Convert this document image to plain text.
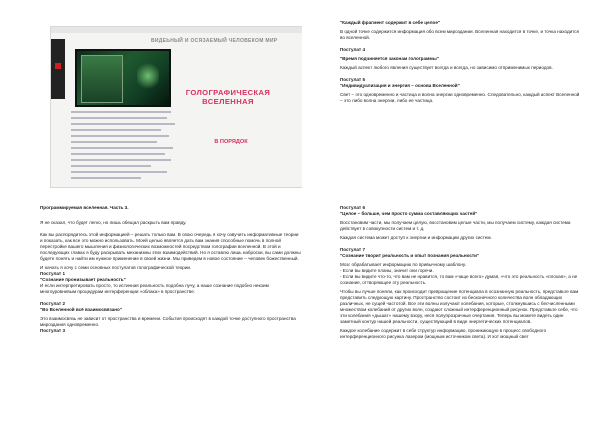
ВИДЕЬНЫЙ И ОСЯЗАЕМЫЙ ЧЕЛОВЕКОМ МИР
ГОЛОГРАФИЧЕСКАЯ ВСЕЛЕННАЯ
В ПОРЯДОК

"Каждый фрагмент содержит в себе целое"

В одной точке содержится информация обо всем мироздании. Вселенная находится в точке, и точка находится во вселенной.

Постулат 4

"Время подчиняется законам голограммы"

Каждый аспект любого явления существует всегда и всегда, но зависимо отприменимых периодов.

Постулат 5

"Индивидуализация и энергия – основа Вселенной"

Свет – это одновременно и частица и волна энергии одновременно. Следовательно, каждый аспект Вселенной – это либо волна энергии, либо ее частица.

Программируемая вселенная. Часть 3.

Я не сказал, что будет легко, но лишь обещал раскрыть вам правду.

Как вы распорядитесь этой информацией – решать только вам. В свою очередь я хочу озвучить информативные теории и показать, как все это можно использовать. Моей целью является дать вам знания способные помочь в полной перестройке вашего мышления и физиологических возможностей посредством голографии вселенной. В этой и последующих главах я буду раскрывать механизмы этих взаимодействий. Но я оставлю лишь наброски, вы сами должны будете понять и найти им нужное применение в своей жизни. Мы приведем в новое состояние – человек божественный.

И начать я хочу с семи основных постулатов голографической теории.

Постулат 1

"Сознание пронизывает реальность"

И если интерпретировать просто, то истинная реальность подобна лучу, а наше сознание подобно некоим многоуровневым процедурам интерференции «облака» в пространстве.

Постулат 2

"Во Вселенной всё взаимосвязано"

Это взаимосвязь не зависит от пространства и времени. События происходят в каждой точке доступного пространства мироздания одновременно.

Постулат 3

Постулат 6

"Целое – больше, чем просто сумма составляющих частей"

Восстановим части, мы получаем целую, восстановим целые части, мы получаем систему, каждая система действует в совокупности систем и т. д.

Каждая система может доступ к энергии и информации других систем.

Постулат 7

"Сознание творит реальность и опыт познания реальности"

Мозг обрабатывает информацию по привычному шаблону.

- Если вы видите планы, значит они горечи.

- Если вы видите что-то, что вам не нравится, то вам «чаще всего» думая, «что это реальность «плохая», а не сознание, оттворяющее эту реальность.

Чтобы вы лучше поняли, как происходит превращение потенциала в осознанную реальность, представьте вам представить следующую картину. Пространство состоит из бесконечного количества волн обладающих различных, не сущей частотой. Все эти волны излучают колебания, которые, столкнувшись с бесчисленными множеством колебаний от других волн, создают сложный интерференционный рисунок. Представьте себе, что эти колебания «дышат» нашему взору, неся полупрозрачные очертания. Теперь вы можете видеть один заметный контур нашей реальности, существующий в виде энергетических потенциалов.

Каждое колебание содержит в себе структур информацию, проникающую в процесс свободного интерференционного рисунка лазером (мощным источником света). И хот мощный свет
